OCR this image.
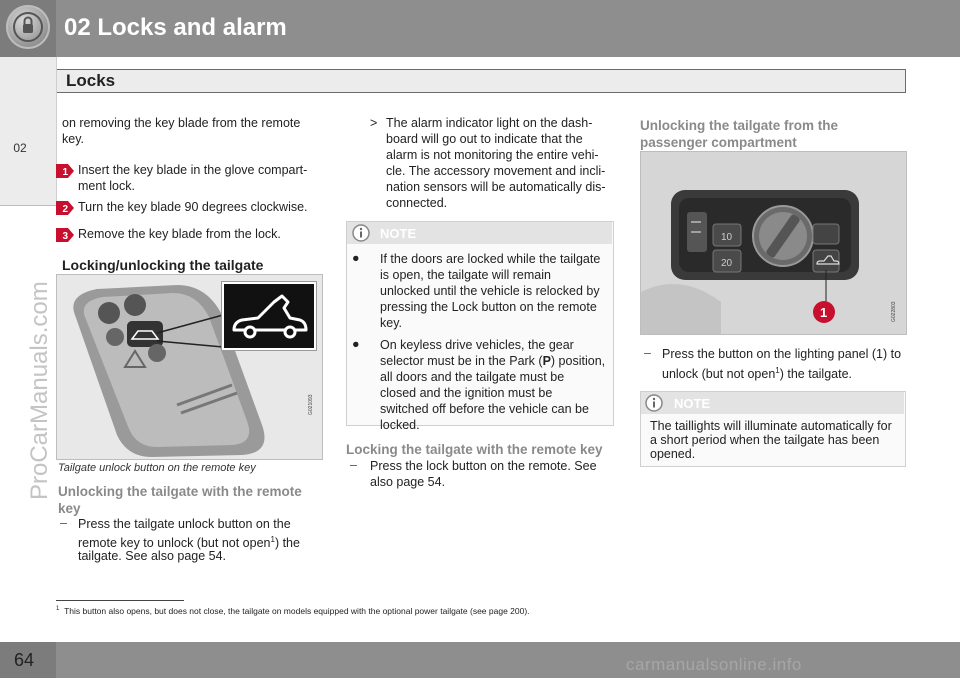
02 Locks and alarm
Locks
02
ProCarManuals.com
on removing the key blade from the remote
key.
1 Insert the key blade in the glove compart-
ment lock.
2 Turn the key blade 90 degrees clockwise.
3 Remove the key blade from the lock.
Locking/unlocking the tailgate
G021093
Tailgate unlock button on the remote key
Unlocking the tailgate with the remote
key
– Press the tailgate unlock button on the
remote key to unlock (but not open$^1$) the
tailgate. See also page 54.
> The alarm indicator light on the dash-
board will go out to indicate that the
alarm is not monitoring the entire vehi-
cle. The accessory movement and incli-
nation sensors will be automatically dis-
connected.
NOTE
● If the doors are locked while the tailgate
is open, the tailgate will remain
unlocked until the vehicle is relocked by
pressing the Lock button on the remote
key.
● On keyless drive vehicles, the gear
selector must be in the Park (P) position,
all doors and the tailgate must be
closed and the ignition must be
switched off before the vehicle can be
locked.
Locking the tailgate with the remote key
– Press the lock button on the remote. See
also page 54.
Unlocking the tailgate from the
passenger compartment
10
20
1	G022803
– Press the button on the lighting panel (1) to
unlock (but not open$^1$) the tailgate.
NOTE
The taillights will illuminate automatically for
a short period when the tailgate has been
opened.
$^1$ This button also opens, but does not close, the tailgate on models equipped with the optional power tailgate (see page 200).
64	carmanualsonline.info
